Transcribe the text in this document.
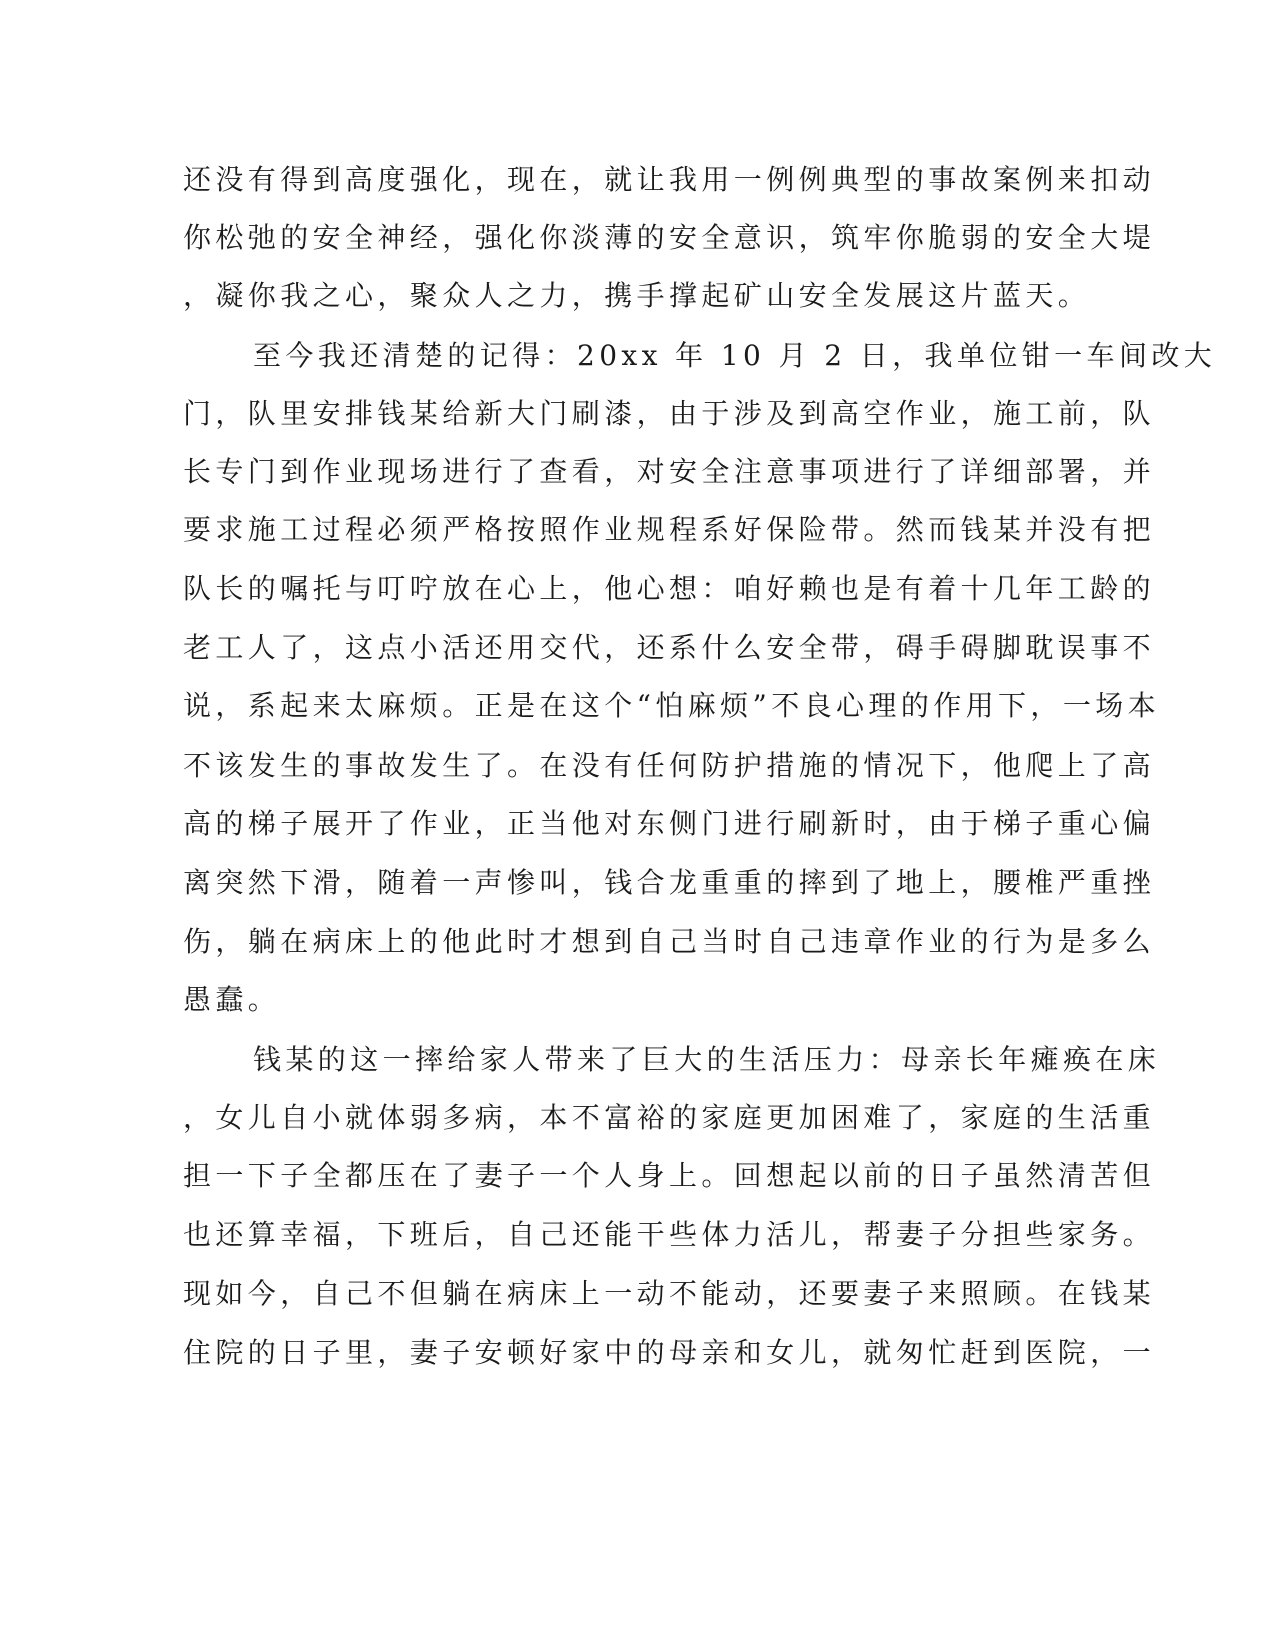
还没有得到高度强化，现在，就让我用一例例典型的事故案例来扣动
你松弛的安全神经，强化你淡薄的安全意识，筑牢你脆弱的安全大堤
，凝你我之心，聚众人之力，携手撑起矿山安全发展这片蓝天。
至今我还清楚的记得：20xx 年 10 月 2 日，我单位钳一车间改大
门，队里安排钱某给新大门刷漆，由于涉及到高空作业，施工前，队
长专门到作业现场进行了查看，对安全注意事项进行了详细部署，并
要求施工过程必须严格按照作业规程系好保险带。然而钱某并没有把
队长的嘱托与叮咛放在心上，他心想：咱好赖也是有着十几年工龄的
老工人了，这点小活还用交代，还系什么安全带，碍手碍脚耽误事不
说，系起来太麻烦。正是在这个“怕麻烦”不良心理的作用下，一场本
不该发生的事故发生了。在没有任何防护措施的情况下，他爬上了高
高的梯子展开了作业，正当他对东侧门进行刷新时，由于梯子重心偏
离突然下滑，随着一声惨叫，钱合龙重重的摔到了地上，腰椎严重挫
伤，躺在病床上的他此时才想到自己当时自己违章作业的行为是多么
愚蠢。
钱某的这一摔给家人带来了巨大的生活压力：母亲长年瘫痪在床
，女儿自小就体弱多病，本不富裕的家庭更加困难了，家庭的生活重
担一下子全都压在了妻子一个人身上。回想起以前的日子虽然清苦但
也还算幸福，下班后，自己还能干些体力活儿，帮妻子分担些家务。
现如今，自己不但躺在病床上一动不能动，还要妻子来照顾。在钱某
住院的日子里，妻子安顿好家中的母亲和女儿，就匆忙赶到医院，一
